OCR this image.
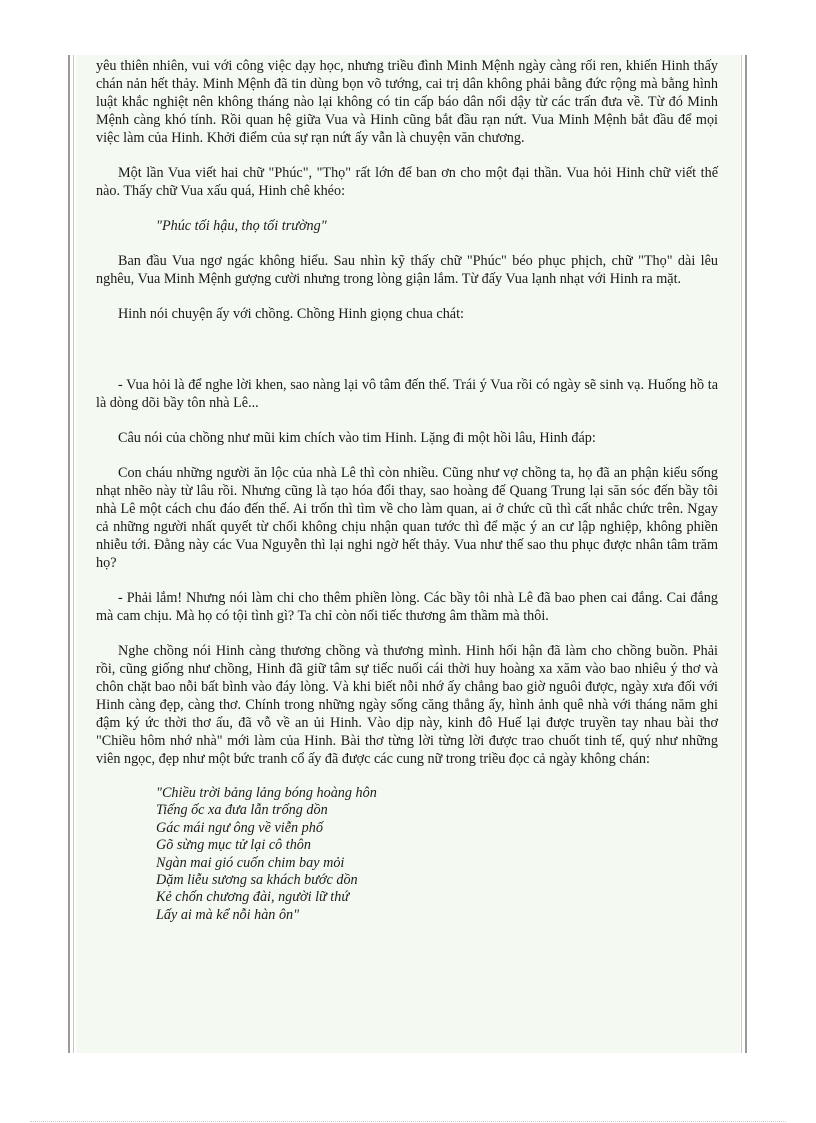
yêu thiên nhiên, vui với công việc dạy học, nhưng triều đình Minh Mệnh ngày càng rối ren, khiến Hinh thấy chán nản hết thảy. Minh Mệnh đã tin dùng bọn võ tướng, cai trị dân không phải bằng đức rộng mà bằng hình luật khắc nghiệt nên không tháng nào lại không có tin cấp báo dân nổi dậy từ các trấn đưa về. Từ đó Minh Mệnh càng khó tính. Rồi quan hệ giữa Vua và Hinh cũng bắt đầu rạn nứt. Vua Minh Mệnh bắt đầu để mọi việc làm của Hinh. Khởi điểm của sự rạn nứt ấy vẫn là chuyện văn chương.

Một lần Vua viết hai chữ "Phúc", "Thọ" rất lớn để ban ơn cho một đại thần. Vua hỏi Hinh chữ viết thế nào. Thấy chữ Vua xấu quá, Hinh chê khéo:

"Phúc tối hậu, thọ tối trường"

Ban đầu Vua ngơ ngác không hiểu. Sau nhìn kỹ thấy chữ "Phúc" béo phục phịch, chữ "Thọ" dài lêu nghêu, Vua Minh Mệnh gượng cười nhưng trong lòng giận lắm. Từ đấy Vua lạnh nhạt với Hinh ra mặt.

Hinh nói chuyện ấy với chồng. Chồng Hinh giọng chua chát:

- Vua hỏi là để nghe lời khen, sao nàng lại vô tâm đến thế. Trái ý Vua rồi có ngày sẽ sinh vạ. Huống hồ ta là dòng dõi bầy tôn nhà Lê...

Câu nói của chồng như mũi kim chích vào tim Hinh. Lặng đi một hồi lâu, Hinh đáp:

Con cháu những người ăn lộc của nhà Lê thì còn nhiều. Cũng như vợ chồng ta, họ đã an phận kiểu sống nhạt nhẽo này từ lâu rồi. Nhưng cũng là tạo hóa đổi thay, sao hoàng đế Quang Trung lại săn sóc đến bầy tôi nhà Lê một cách chu đáo đến thế. Ai trốn thì tìm về cho làm quan, ai ở chức cũ thì cất nhắc chức trên. Ngay cả những người nhất quyết từ chối không chịu nhận quan tước thì để mặc ý an cư lập nghiệp, không phiền nhiễu tới. Đằng này các Vua Nguyễn thì lại nghi ngờ hết thảy. Vua như thế sao thu phục được nhân tâm trăm họ?

- Phải lắm! Nhưng nói làm chi cho thêm phiền lòng. Các bầy tôi nhà Lê đã bao phen cai đắng. Cai đắng mà cam chịu. Mà họ có tội tình gì? Ta chỉ còn nối tiếc thương âm thầm mà thôi.

Nghe chồng nói Hinh càng thương chồng và thương mình. Hinh hối hận đã làm cho chồng buồn. Phải rồi, cũng giống như chồng, Hinh đã giữ tâm sự tiếc nuối cái thời huy hoàng xa xăm vào bao nhiêu ý thơ và chôn chặt bao nỗi bất bình vào đáy lòng. Và khi biết nỗi nhớ ấy chẳng bao giờ nguôi được, ngày xưa đối với Hinh càng đẹp, càng thơ. Chính trong những ngày sống căng thẳng ấy, hình ảnh quê nhà với tháng năm ghi đậm ký ức thời thơ ấu, đã vỗ về an ủi Hinh. Vào dịp này, kinh đô Huế lại được truyền tay nhau bài thơ "Chiều hôm nhớ nhà" mới làm của Hinh. Bài thơ từng lời từng lời được trao chuốt tinh tế, quý như những viên ngọc, đẹp như một bức tranh cổ ấy đã được các cung nữ trong triều đọc cả ngày không chán:

"Chiều trời bảng lảng bóng hoàng hôn
Tiếng ốc xa đưa lẫn trống dồn
Gác mái ngư ông về viễn phố
Gõ sừng mục tử lại cô thôn
Ngàn mai gió cuốn chim bay mỏi
Dặm liễu sương sa khách bước dồn
Kẻ chốn chương đài, người lữ thứ
Lấy ai mà kể nỗi hàn ôn"
